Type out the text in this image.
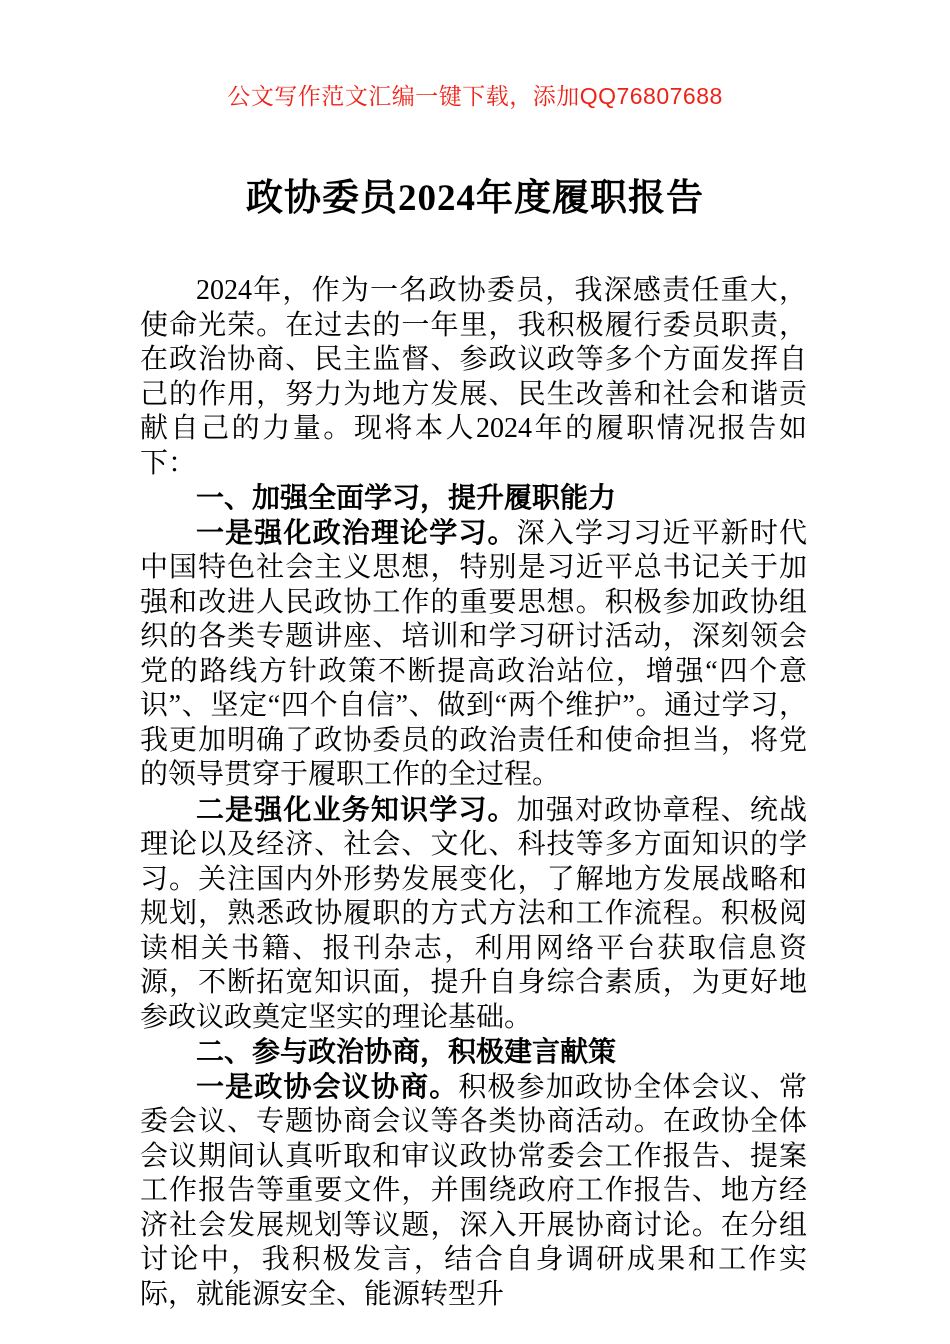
公文写作范文汇编一键下载，添加QQ76807688
政协委员2024年度履职报告

2024年，作为一名政协委员，我深感责任重大，使命光荣。在过去的一年里，我积极履行委员职责，在政治协商、民主监督、参政议政等多个方面发挥自己的作用，努力为地方发展、民生改善和社会和谐贡献自己的力量。现将本人2024年的履职情况报告如下：

一、加强全面学习，提升履职能力

一是强化政治理论学习。深入学习习近平新时代中国特色社会主义思想，特别是习近平总书记关于加强和改进人民政协工作的重要思想。积极参加政协组织的各类专题讲座、培训和学习研讨活动，深刻领会党的路线方针政策不断提高政治站位，增强“四个意识”、坚定“四个自信”、做到“两个维护”。通过学习，我更加明确了政协委员的政治责任和使命担当，将党的领导贯穿于履职工作的全过程。

二是强化业务知识学习。加强对政协章程、统战理论以及经济、社会、文化、科技等多方面知识的学习。关注国内外形势发展变化，了解地方发展战略和规划，熟悉政协履职的方式方法和工作流程。积极阅读相关书籍、报刊杂志，利用网络平台获取信息资源，不断拓宽知识面，提升自身综合素质，为更好地参政议政奠定坚实的理论基础。

二、参与政治协商，积极建言献策

一是政协会议协商。积极参加政协全体会议、常委会议、专题协商会议等各类协商活动。在政协全体会议期间认真听取和审议政协常委会工作报告、提案工作报告等重要文件，并围绕政府工作报告、地方经济社会发展规划等议题，深入开展协商讨论。在分组讨论中，我积极发言，结合自身调研成果和工作实际，就能源安全、能源转型升
